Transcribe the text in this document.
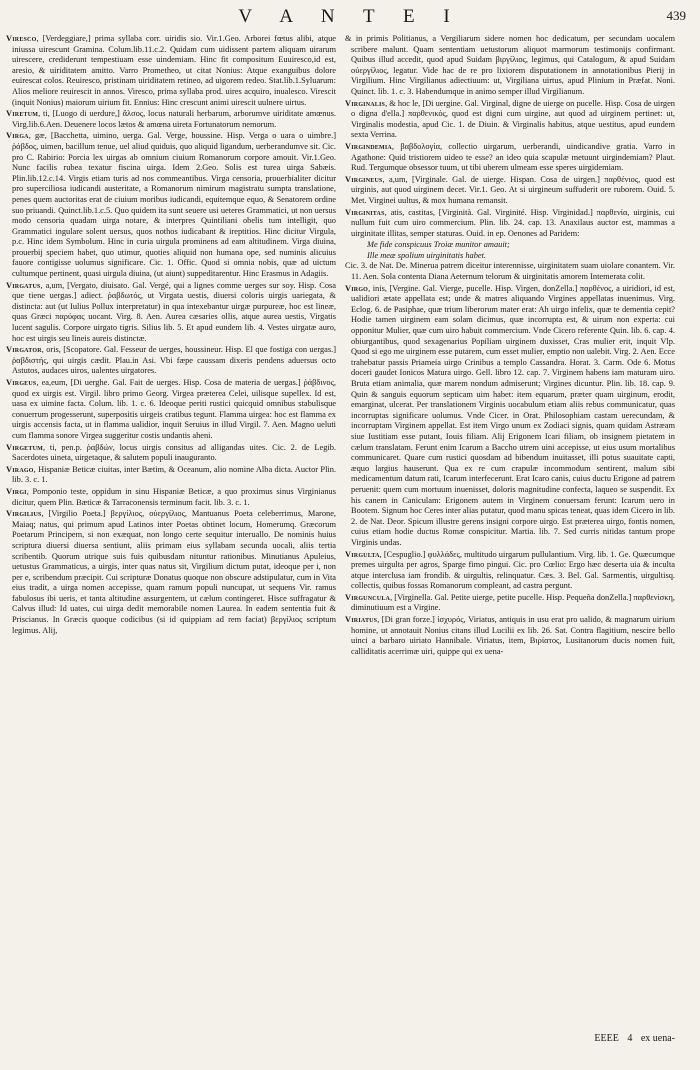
V A N T E I	439

Viresco, [Verdeggiare,] prima syllaba corr. uiridis sio. Vir.1.Geo. Arborei fœtus alibi, atque iniussa uirescunt Gramina. Colum.lib.11.c.2. Quidam cum uidissent partem aliquam uirarum uirescere, crediderunt tempestiuam esse uindemiam. Hinc fit compositum Euuiresco,id est, aresio, & uiriditatem amitto. Varro Prometheo, ut citat Nonius: Atque exanguibus dolore euirescat colos. Reuiresco, pristinam uiriditatem retineo, ad uigorem redeo. Stat.lib.1.Syluarum: Alios meliore reuirescit in annos. Viresco, prima syllaba prod. uires acquiro, inualesco. Virescit (inquit Nonius) maiorum uirium fit. Ennius: Hinc crescunt animi uirescit uulnere uirtus.

Viretum, ti, [Luogo di uerdure,] ἄλσος, locus naturali herbarum, arborumve uiriditate amœnus. Virg.lib.6.Aen. Deuenere locos lætos & amœna uireta Fortunatorum nemorum.

Virga, gæ, [Bacchetta, uimino, uerga. Gal. Verge, houssine. Hisp. Verga o uara o uimbre.] ῥάβδος, uimen, bacillum tenue, uel aliud quiduis, quo aliquid ligandum, uerberandumve sit. Cic. pro C. Rabirio: Porcia lex uirgas ab omnium ciuium Romanorum corpore amouit. Vir.1.Geo. Nunc facilis rubea texatur fiscina uirga. Idem 2.Geo. Solis est turea uirga Sabæis. Plin.lib.12.c.14. Virgis etiam turis ad nos commeantibus. Virga censoria, prouerbialiter dicitur pro superciliosa iudicandi austeritate, a Romanorum nimirum magistratu sumpta translatione, penes quem auctoritas erat de ciuium moribus iudicandi, equitemque equo, & Senatorem ordine suo priuandi. Quinct.lib.1.c.5. Quo quidem ita sunt seuere usi ueteres Grammatici, ut non uersus modo censoria quadam uirga notare, & interpres Quintiliani obelis tum intelligit, quo Grammatici ingulare solent uersus, quos nothos iudicabant & ireptitios. Hinc dicitur Virgula, p.c. Hinc idem Symbolum. Hinc in curia uirgula prominens ad eam altitudinem. Virga diuina, prouerbij speciem habet, quo utimur, quoties aliquid non humana ope, sed numinis alicuius fauore contigisse uolumus significare. Cic. 1. Offic. Quod si omnia nobis, quæ ad uictum cultumque pertinent, quasi uirgula diuina, (ut aiunt) suppeditarentur. Hinc Erasmus in Adagiis.

Virgatus, a,um, [Vergato, diuisato. Gal. Vergé, qui a lignes comme uerges sur soy. Hisp. Cosa que tiene uergas.] adiect. ῥαβδωτός, ut Virgata uestis, diuersi coloris uirgis uariegata, & distincta: aut (ut Iulius Pollux interpretatur) in qua intexebantur uirgæ purpureæ, hoc est lineæ, quas Græci παρύφας uocant. Virg. 8. Aen. Aurea cæsaries ollis, atque aurea uestis, Virgatis lucent sagulis. Corpore uirgato tigris. Silius lib. 5. Et apud eundem lib. 4. Vestes uirgatæ auro, hoc est uirgis seu lineis aureis distinctæ.

Virgator, oris, [Scopatore. Gal. Fesseur de uerges, houssineur. Hisp. El que fostiga con uergas.] ῥαβδιστής, qui uirgis cædit. Plau.in Asi. Vbi fæpe caussam dixeris pendens aduersus octo Astutos, audaces uiros, ualentes uirgatores.

Virgeus, ea,eum, [Di uerghe. Gal. Fait de uerges. Hisp. Cosa de materia de uergas.] ῥάβδινος, quod ex uirgis est. Virgil. libro primo Georg. Virgea præterea Celei, uilisque supellex. Id est, uasa ex uimine facta. Colum. lib. 1. c. 6. Ideoque periti rustici quicquid omnibus stabulisque conuerrum progesserunt, superpositis uirgeis cratibus tegunt. Flamma uirgea: hoc est flamma ex uirgis accensis facta, ut in flamma ualidior, inquit Seruius in illud Virgil. 7. Aen. Magno ueluti cum flamma sonore Virgea suggeritur costis undantis aheni.

Virgetum, ti, pen.p. ῥαβδών, locus uirgis consitus ad alligandas uites. Cic. 2. de Legib. Sacerdotes uineta, uirgetaque, & salutem populi inauguranto.

Virago, Hispaniæ Beticæ ciuitas, inter Bætim, & Oceanum, alio nomine Alba dicta. Auctor Plin. lib. 3. c. 1.

Virgi, Pomponio teste, oppidum in sinu Hispaniæ Beticæ, a quo proximus sinus Virginianus dicitur, quem Plin. Bæticæ & Tarraconensis terminum facit. lib. 3. c. 1.

Virgilius, [Virgilio Poeta.] βεργίλιος, ούεργίλιος, Mantuanus Poeta celeberrimus, Marone, Maiaq; natus, qui primum apud Latinos inter Poetas obtinet locum, Homerumq. Græcorum Poetarum Principem, si non exæquat, non longo certe sequitur interuallo. De nominis huius scriptura diuersi diuersa sentiunt, aliis primam eius syllabam secunda uocali, aliis tertia scribentib. Quorum utrique suis fuis quibusdam nituntur rationibus. Minutianus Apuleius, uetustus Grammaticus, a uirgis, inter quas natus sit, Virgilium dictum putat, ideoque per i, non per e, scribendum præcipit. Cui scripturæ Donatus quoque non obscure adstipulatur, cum in Vita eius tradit, a uirga nomen accepisse, quam ramum populi nuncupat, ut sequens Vir. ramus fabulosus ibi ueris, et tanta altitudine assurgentem, ut cælum contingeret. Hisce suffragatur & Calvus illud: Id uates, cui uirga dedit memorabile nomen Laurea. In eadem sententia fuit & Priscianus. In Græcis quoque codicibus (si id quippiam ad rem faciat) βεργίλιος scriptum legimus. Alij,

& in primis Politianus, a Vergiliarum sidere nomen hoc dedicatum, per secundam uocalem scribere malunt. Quam sententiam uetustorum aliquot marmorum testimonijs confirmant. Quibus illud accedit, quod apud Suidam βιργίλιος, legimus, qui Catalogum, & apud Suidam οὐεργίλιος, legatur. Vide hac de re pro lixiorem disputationem in annotationibus Pierij in Virgilium. Hinc Virgilianus adiectiuum: ut, Virgiliana uirtus, apud Plinium in Præfat. Noni. Quinct. lib. 1. c. 3. Habendumque in animo semper illud Virgilianum.

Virginalis, & hoc le, [Di uergine. Gal. Virginal, digne de uierge on pucelle. Hisp. Cosa de uirgen o digna d'ella.] παρθενικός, quod est digni cum uirgine, aut quod ad uirginem pertinet: ut, Virginalis modestia, apud Cic. 1. de Diuin. & Virginalis habitus, atque uestitus, apud eundem sexta Verrina.

Virgindemia, βαβδολογία, collectio uirgarum, uerberandi, uindicandive gratia. Varro in Agathone: Quid tristiorem uideo te esse? an ideo quia scapulæ metuunt uirgindemiam? Plaut. Rud. Tergumque obsessor tuum, ut tibi uberem ulmeam esse speres uirgidemiam.

Virgineus, a,um, [Virginale. Gal. de uierge. Hispan. Cosa de uirgen.] παρθένιος, quod est uirginis, aut quod uirginem decet. Vir.1. Geo. At si uirgineum suffuderit ore ruborem. Ouid. 5. Met. Virginei uultus, & mox humana remansit.

Virginitas, atis, castitas, [Virginità. Gal. Virginité. Hisp. Virginidad.] παρθενία, uirginis, cui nullum fuit cum uiro commercium. Plin. lib. 24. cap. 13. Anaxilaus auctor est, mammas a uirginitate illitas, semper staturas. Ouid. in ep. Oenones ad Paridem:

Me fide conspicuus Troiæ munitor amauit;

Ille meæ spolium uirginitatis habet.

Cic. 3. de Nat. De. Minerua patrem diceitur interennisse, uirginitatem suam uiolare conantem. Vir. 11. Aen. Sola contenta Diana Aeternum telorum & uirginitatis amorem Intemerata colit.

Virgo, inis, [Vergine. Gal. Vierge, pucelle. Hisp. Virgen, donZella.] παρθένος, a uiridiori, id est, ualidiori ætate appellata est; unde & matres aliquando Virgines appellatas inuenimus. Virg. Eclog. 6. de Pasiphae, quæ trium liberorum mater erat: Ah uirgo infelix, quæ te dementia cepit? Hodie tamen uirginem eam solam dicimus, quæ incorrupta est, & uirum non experta: cui opponitur Mulier, quæ cum uiro habuit commercium. Vnde Cicero referente Quin. lib. 6. cap. 4. obiurgantibus, quod sexagenarius Popiliam uirginem duxisset, Cras mulier erit, inquit Vlp. Quod si ego me uirginem esse putarem, cum esset mulier, emptio non ualebit. Virg. 2. Aen. Ecce trahebatur passis Priameia uirgo Crinibus a templo Cassandra. Horat. 3. Carm. Ode 6. Motus doceri gaudet Ionicos Matura uirgo. Gell. libro 12. cap. 7. Virginem habens iam maturam uiro. Bruta etiam animalia, quæ marem nondum admiserunt; Virgines dicuntur. Plin. lib. 18. cap. 9. Quin & sanguis equorum septicam uim habet: item equarum, præter quam uirginum, erodit, emarginat, ulcerat. Per translationem Virginis uocabulum etiam aliis rebus communicatur, quas incorruptas significare uolumus. Vnde Cicer. in Orat. Philosophiam castam uerecundam, & incorruptam Virginem appellat. Est item Virgo unum ex Zodiaci signis, quam quidam Astræam siue Iustitiam esse putant, Iouis filiam. Alij Erigonem Icari filiam, ob insignem pietatem in cælum translatam. Ferunt enim Icarum a Baccho utrem uini accepisse, ut eius usum mortalibus communicaret. Quare cum rustici quosdam ad bibendum inuitasset, illi potus suauitate capti, æquo largius hauserunt. Qua ex re cum crapulæ incommodum sentirent, malum sibi medicamentum datum rati, Icarum interfecerunt. Erat Icaro canis, cuius ductu Erigone ad patrem peruenit: quem cum mortuum inuenisset, doloris magnitudine confecta, laqueo se suspendit. Ex his canem in Caniculam: Erigonem autem in Virginem conuersam ferunt: Icarum uero in Bootem. Signum hoc Ceres inter alias putatur, quod manu spicas teneat, quas idem Cicero in lib. 2. de Nat. Deor. Spicum illustre gerens insigni corpore uirgo. Est præterea uirgo, fontis nomen, cuius etiam hodie ductus Romæ conspicitur. Martia. lib. 7. Sed curris nitidas tantum prope Virginis undas.

Virgulta, [Cespuglio.] φυλλάδες, multitudo uirgarum pullulantium. Virg. lib. 1. Ge. Quæcumque premes uirgulta per agros, Sparge fimo pingui. Cic. pro Cœlio: Ergo hæc deserta uia & inculta atque interclusa iam frondib. & uirgultis, relinquatur. Cæs. 3. Bel. Gal. Sarmentis, uirgultisq. collectis, quibus fossas Romanorum compleant, ad castra pergunt.

Virguncula, [Virginella. Gal. Petite uierge, petite pucelle. Hisp. Pequeña donZella.] παρθενίσκη, diminutiuum est a Virgine.

Viriatus, [Di gran forze.] ἰσχυρός, Viriatus, antiquis in usu erat pro ualido, & magnarum uirium homine, ut annotauit Nonius citans illud Lucilii ex lib. 26. Sat. Contra flagitium, nescire bello uinci a barbaro uiriato Hannibale. Viriatus, item, Βιρίατος, Lusitanorum ducis nomen fuit, calliditatis acerrimæ uiri, quippe qui ex uena-

EEEE 4 ex uena-
